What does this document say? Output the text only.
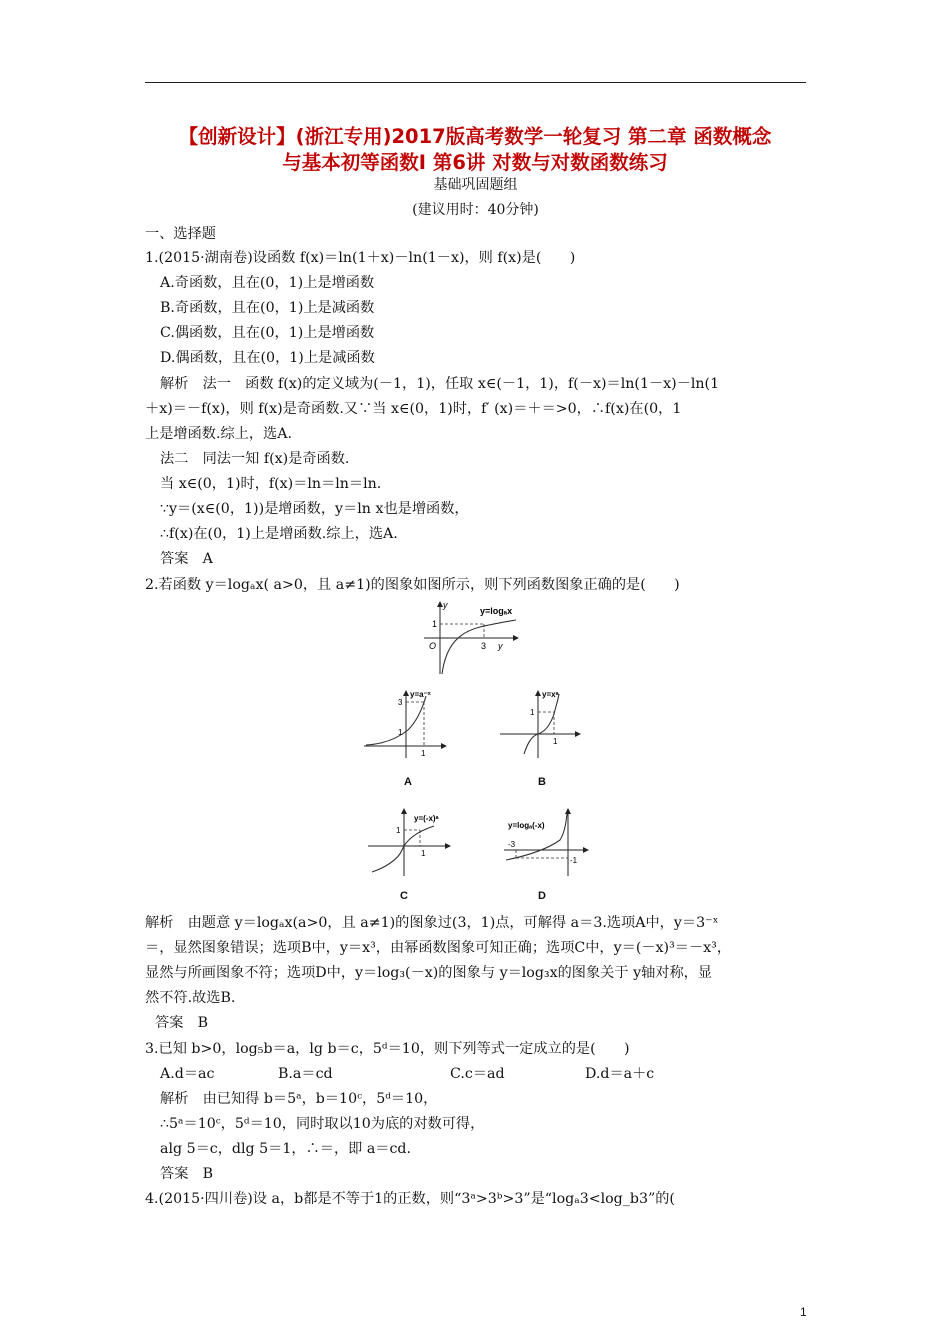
【创新设计】(浙江专用)2017版高考数学一轮复习 第二章 函数概念
与基本初等函数Ⅰ 第6讲 对数与对数函数练习
基础巩固题组
(建议用时：40分钟)
一、选择题
1.(2015·湖南卷)设函数 f(x)＝ln(1＋x)－ln(1－x)，则 f(x)是(　　)
A.奇函数，且在(0，1)上是增函数
B.奇函数，且在(0，1)上是减函数
C.偶函数，且在(0，1)上是增函数
D.偶函数，且在(0，1)上是减函数
解析　法一　函数 f(x)的定义域为(－1，1)，任取 x∈(－1，1)，f(－x)＝ln(1－x)－ln(1
＋x)＝－f(x)，则 f(x)是奇函数.又∵当 x∈(0，1)时，f′ (x)＝＋＝>0，∴f(x)在(0，1
上是增函数.综上，选A.
法二　同法一知 f(x)是奇函数.
当 x∈(0，1)时，f(x)＝ln＝ln＝ln.
∵y＝(x∈(0，1))是增函数，y＝ln x也是增函数，
∴f(x)在(0，1)上是增函数.综上，选A.
答案　A
2.若函数 y＝logₐx( a>0，且 a≠1)的图象如图所示，则下列函数图象正确的是(　　)
1
3
O
y
y
y=logₐx
3
1
1
y=a⁻ˣ
A
1
1
y=xᵃ
B
1
1
y=(-x)ᵃ
C
-3
-1
y=logₐ(-x)
D
解析　由题意 y＝logₐx(a>0，且 a≠1)的图象过(3，1)点，可解得 a＝3.选项A中，y＝3⁻ˣ
＝，显然图象错误；选项B中，y＝x³，由幂函数图象可知正确；选项C中，y＝(－x)³＝－x³，
显然与所画图象不符；选项D中，y＝log₃(－x)的图象与 y＝log₃x的图象关于 y轴对称，显
然不符.故选B.
答案　B
3.已知 b>0，log₅b＝a，lg b＝c，5ᵈ＝10，则下列等式一定成立的是(　　)
A.d＝ac	B.a＝cd	C.c＝ad	D.d＝a＋c
解析　由已知得 b＝5ᵃ，b＝10ᶜ，5ᵈ＝10，
∴5ᵃ＝10ᶜ，5ᵈ＝10，同时取以10为底的对数可得，
alg 5＝c，dlg 5＝1，∴＝，即 a＝cd.
答案　B
4.(2015·四川卷)设 a，b都是不等于1的正数，则“3ᵃ>3ᵇ>3”是“logₐ3<log_b3”的(
1
